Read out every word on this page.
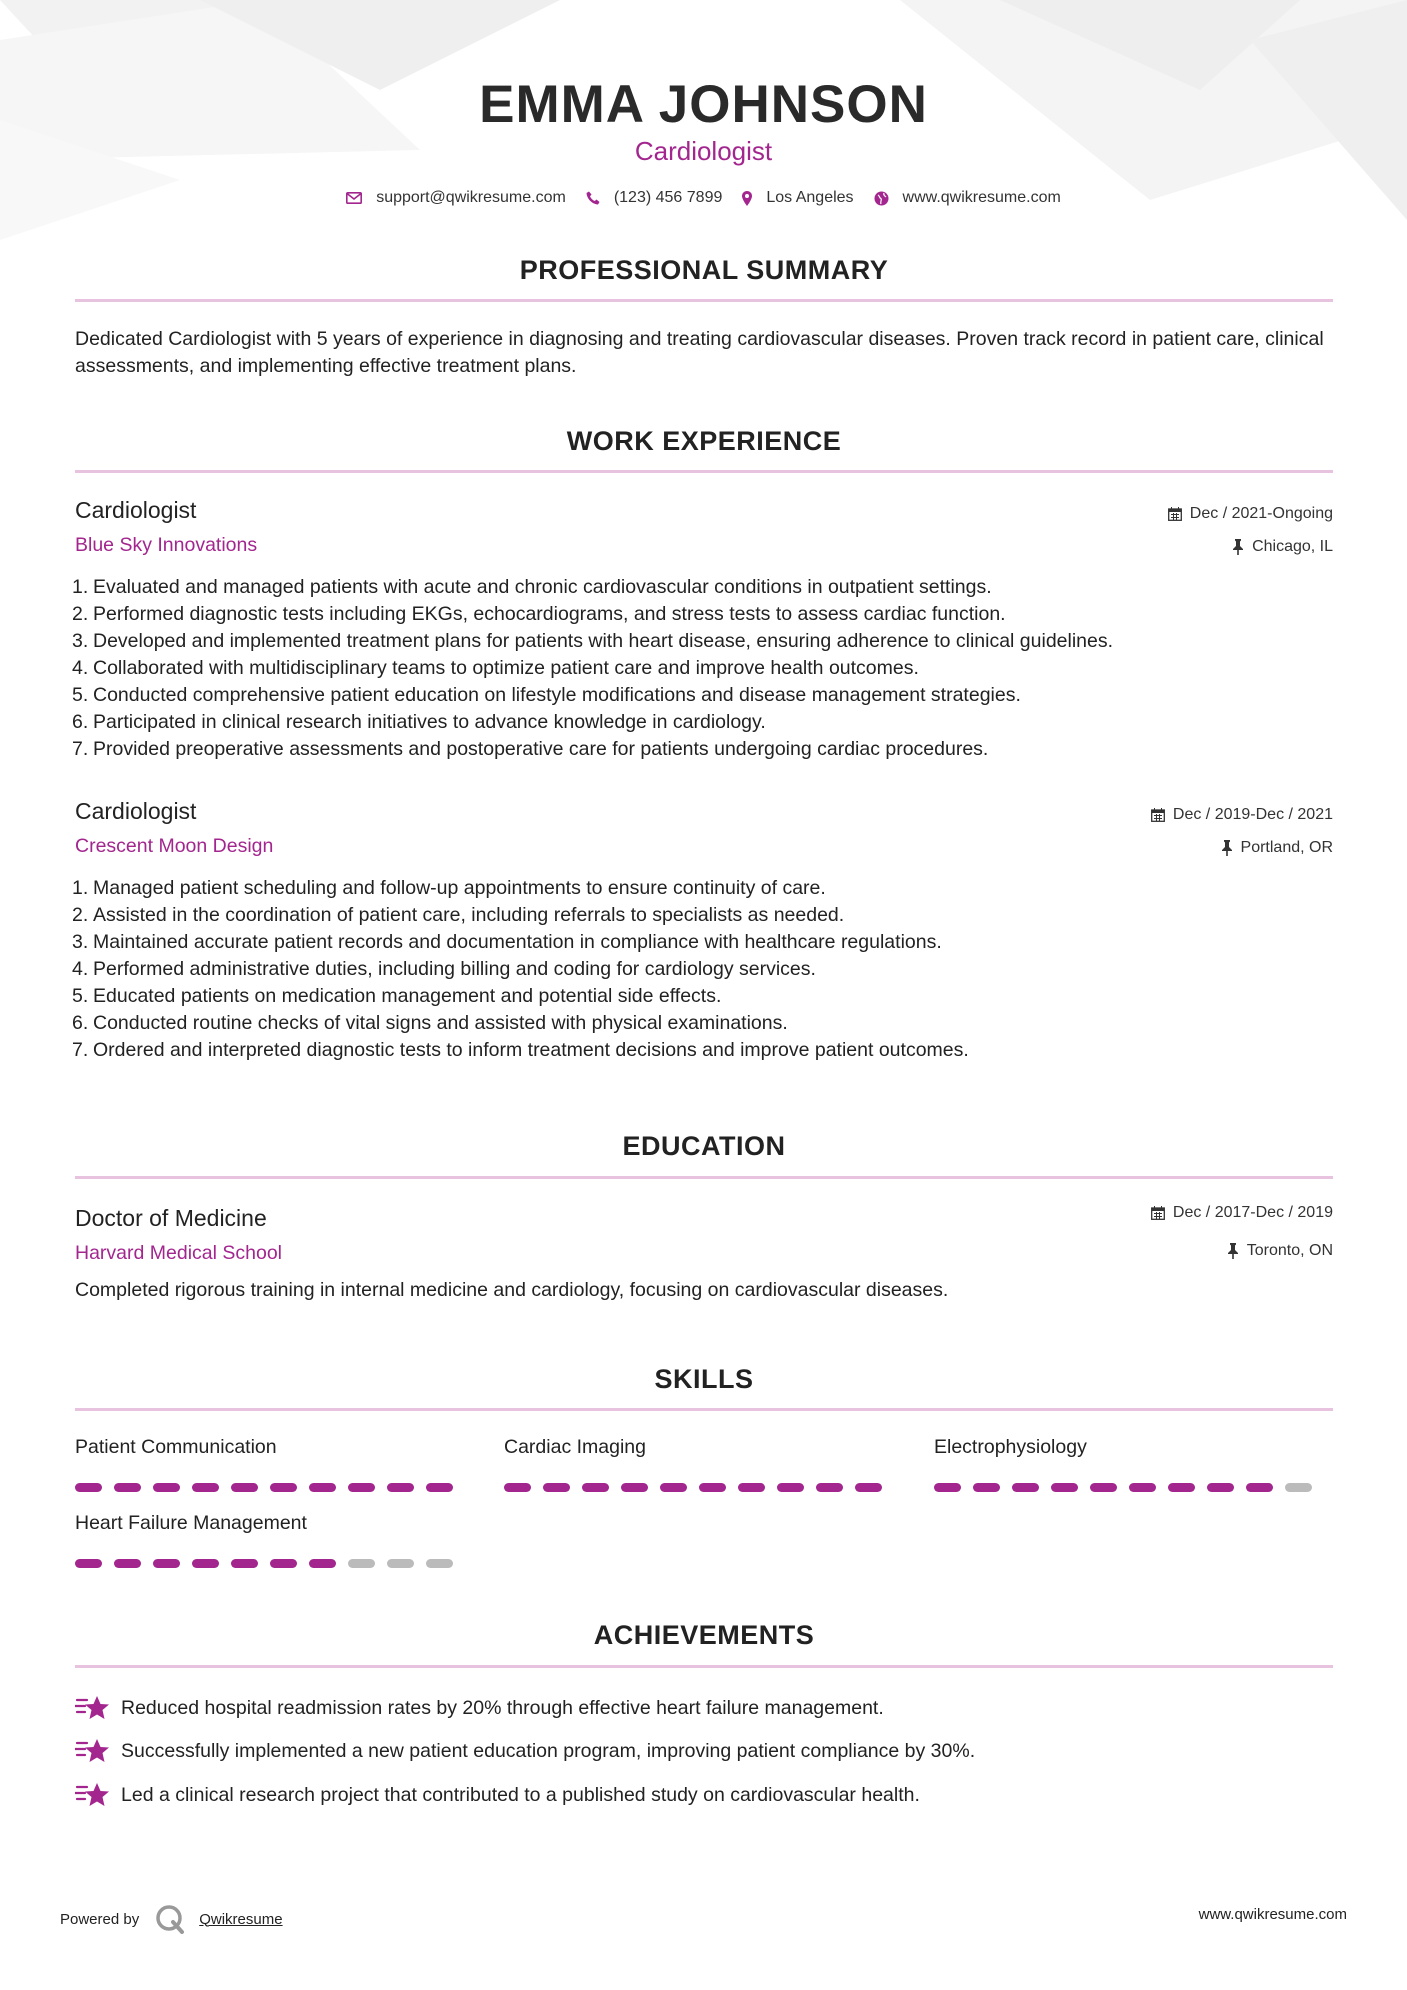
EMMA JOHNSON
Cardiologist
support@qwikresume.com	(123) 456 7899	Los Angeles	www.qwikresume.com
PROFESSIONAL SUMMARY
Dedicated Cardiologist with 5 years of experience in diagnosing and treating cardiovascular diseases. Proven track record in patient care, clinical assessments, and implementing effective treatment plans.
WORK EXPERIENCE
Cardiologist
Blue Sky Innovations
Dec / 2021-Ongoing
Chicago, IL
Evaluated and managed patients with acute and chronic cardiovascular conditions in outpatient settings.
Performed diagnostic tests including EKGs, echocardiograms, and stress tests to assess cardiac function.
Developed and implemented treatment plans for patients with heart disease, ensuring adherence to clinical guidelines.
Collaborated with multidisciplinary teams to optimize patient care and improve health outcomes.
Conducted comprehensive patient education on lifestyle modifications and disease management strategies.
Participated in clinical research initiatives to advance knowledge in cardiology.
Provided preoperative assessments and postoperative care for patients undergoing cardiac procedures.
Cardiologist
Crescent Moon Design
Dec / 2019-Dec / 2021
Portland, OR
Managed patient scheduling and follow-up appointments to ensure continuity of care.
Assisted in the coordination of patient care, including referrals to specialists as needed.
Maintained accurate patient records and documentation in compliance with healthcare regulations.
Performed administrative duties, including billing and coding for cardiology services.
Educated patients on medication management and potential side effects.
Conducted routine checks of vital signs and assisted with physical examinations.
Ordered and interpreted diagnostic tests to inform treatment decisions and improve patient outcomes.
EDUCATION
Doctor of Medicine
Harvard Medical School
Dec / 2017-Dec / 2019
Toronto, ON
Completed rigorous training in internal medicine and cardiology, focusing on cardiovascular diseases.
SKILLS
Patient Communication	Cardiac Imaging	Electrophysiology
Heart Failure Management
ACHIEVEMENTS
Reduced hospital readmission rates by 20% through effective heart failure management.
Successfully implemented a new patient education program, improving patient compliance by 30%.
Led a clinical research project that contributed to a published study on cardiovascular health.
Powered by	Qwikresume	www.qwikresume.com
